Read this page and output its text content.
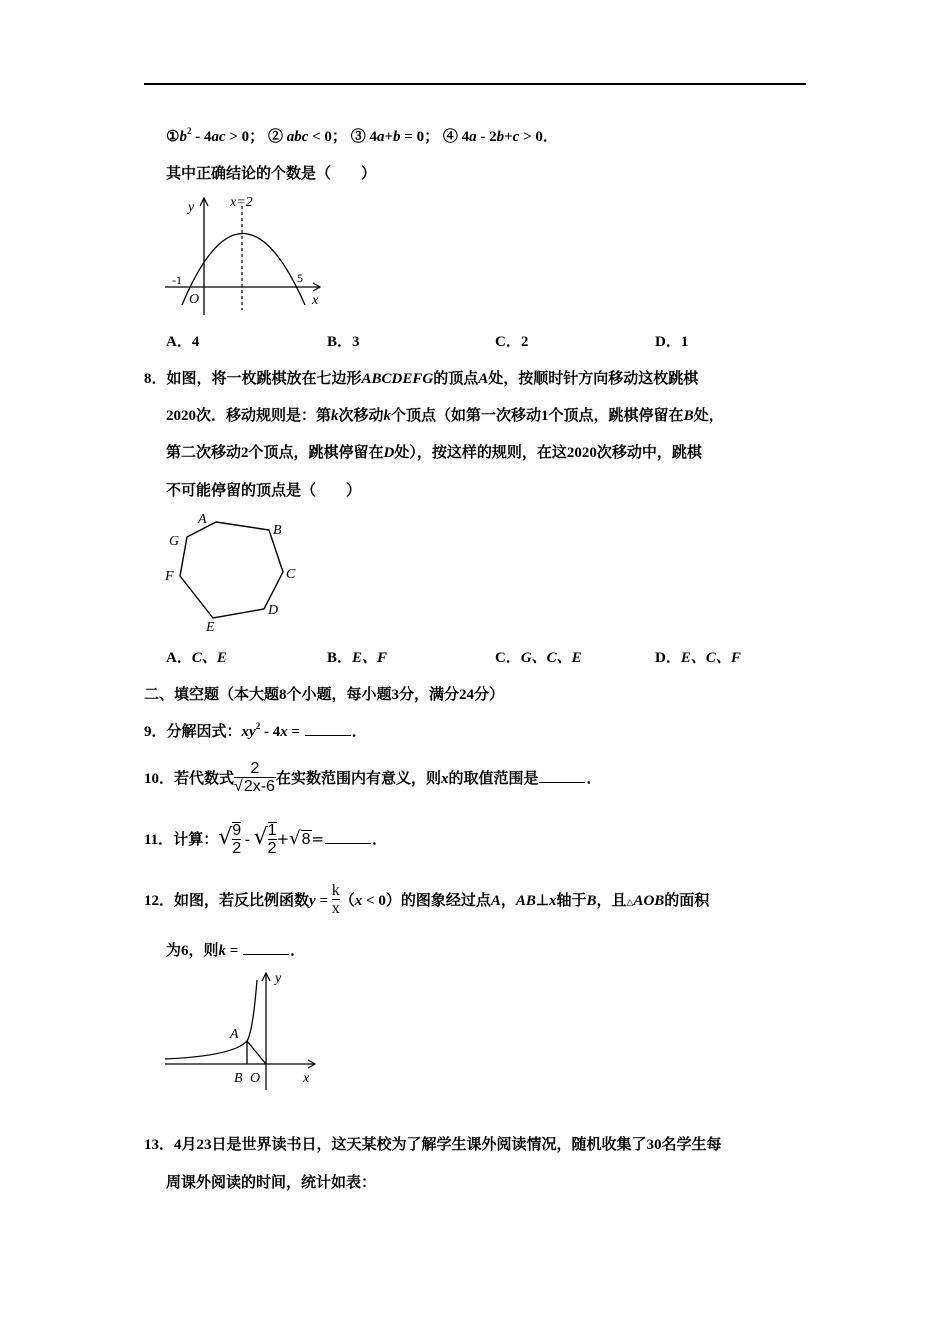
$①b^2 - 4ac > 0$； ② abc < 0； ③ 4a+b = 0； ④ 4a - 2b+c > 0．
其中正确结论的个数是（　　）
y	x=2
-1	5
O	x
A．4	B．3	C．2	D．1
8．如图，将一枚跳棋放在七边形ABCDEFG的顶点A处，按顺时针方向移动这枚跳棋
2020次．移动规则是：第k次移动k个顶点（如第一次移动1个顶点，跳棋停留在B处，
第二次移动2个顶点，跳棋停留在D处），按这样的规则，在这2020次移动中，跳棋
不可能停留的顶点是（　　）
A
B
C
D
E
F
G
A．C、E	B．E、F	C．G、C、E	D．E、C、F
二、填空题（本大题8个小题，每小题3分，满分24分）
9．分解因式：$xy^2 - 4x$ =	．
10．若代数式 $\frac{2}{√2x-6}$ 在实数范围内有意义，则x的取值范围是	．
11．计算：√ $\frac{9}{2}$ - √ $\frac{1}{2} +√8=$	．
12．如图，若反比例函数$y = \frac{k}{x} (x < 0)$的图象经过点A，AB⊥x轴于B，且△AOB的面积
为6，则k =	．
A
B O
y
x
13．4月23日是世界读书日，这天某校为了解学生课外阅读情况，随机收集了30名学生每
周课外阅读的时间，统计如表：
